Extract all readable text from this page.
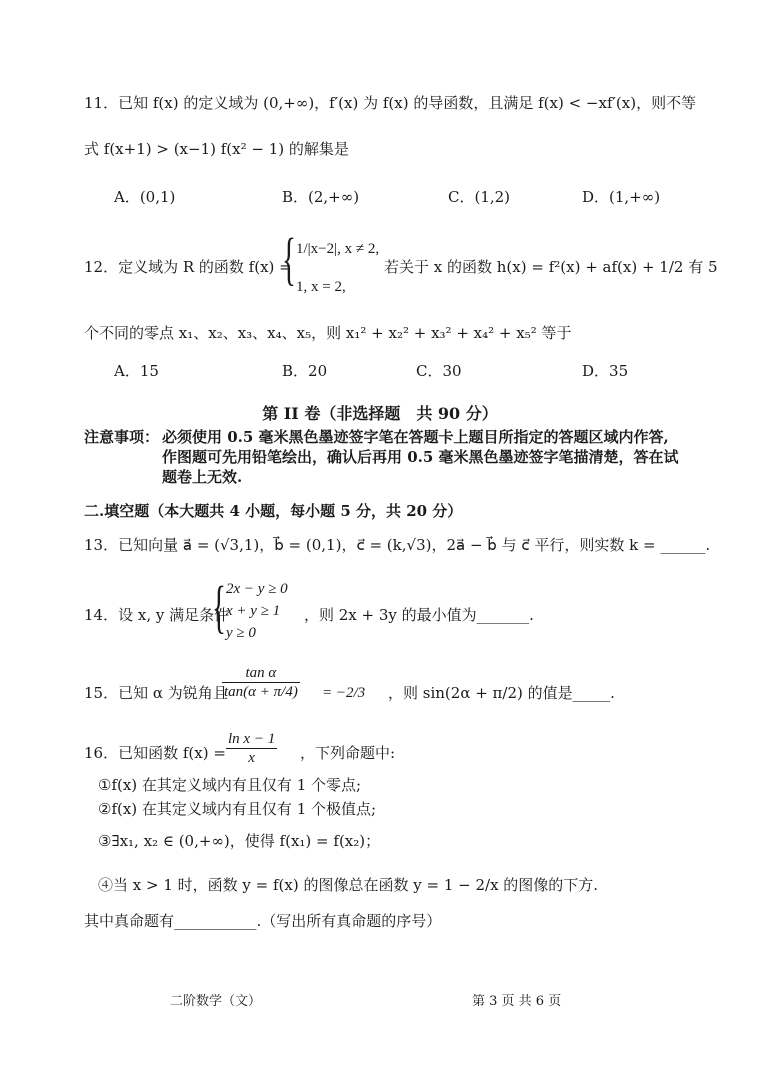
11．已知 f(x) 的定义域为 (0,+∞)，f′(x) 为 f(x) 的导函数，且满足 f(x) < −xf′(x)，则不等
式 f(x+1) > (x−1) f(x² − 1) 的解集是
A．(0,1)	B．(2,+∞)	C．(1,2)	D．(1,+∞)
12．定义域为 R 的函数 f(x) =
{ 1/|x−2|, x ≠ 2,
1, x = 2,
若关于 x 的函数 h(x) = f²(x) + af(x) + 1/2 有 5
个不同的零点 x₁、x₂、x₃、x₄、x₅，则 x₁² + x₂² + x₃² + x₄² + x₅² 等于
A．15	B．20	C．30	D．35
第 II 卷（非选择题　共 90 分）
注意事项： 必须使用 0.5 毫米黑色墨迹签字笔在答题卡上题目所指定的答题区域内作答,
作图题可先用铅笔绘出，确认后再用 0.5 毫米黑色墨迹签字笔描清楚，答在试
题卷上无效.
二.填空题（本大题共 4 小题，每小题 5 分，共 20 分）
13．已知向量 a⃗ = (√3,1)，b⃗ = (0,1)，c⃗ = (k,√3)，2a⃗ − b⃗ 与 c⃗ 平行，则实数 k = ______.
14．设 x, y 满足条件
{ 2x − y ≥ 0
x + y ≥ 1
y ≥ 0
，则 2x + 3y 的最小值为_______.
15．已知 α 为锐角且
$\frac{\text{tan α}}{\tan(\alpha + \pi/4)} = -2/3$ ，则 sin(2α + π/2) 的值是_____.
16．已知函数 $f(x) = \frac{\text{ln x − 1}}{x}$ ，下列命题中:
①f(x) 在其定义域内有且仅有 1 个零点;
②f(x) 在其定义域内有且仅有 1 个极值点;
③∃x₁, x₂ ∈ (0,+∞)，使得 f(x₁) = f(x₂)；
④当 x > 1 时，函数 y = f(x) 的图像总在函数 y = 1 − 2/x 的图像的下方.
其中真命题有___________.（写出所有真命题的序号）
二阶数学（文）	第 3 页 共 6 页
